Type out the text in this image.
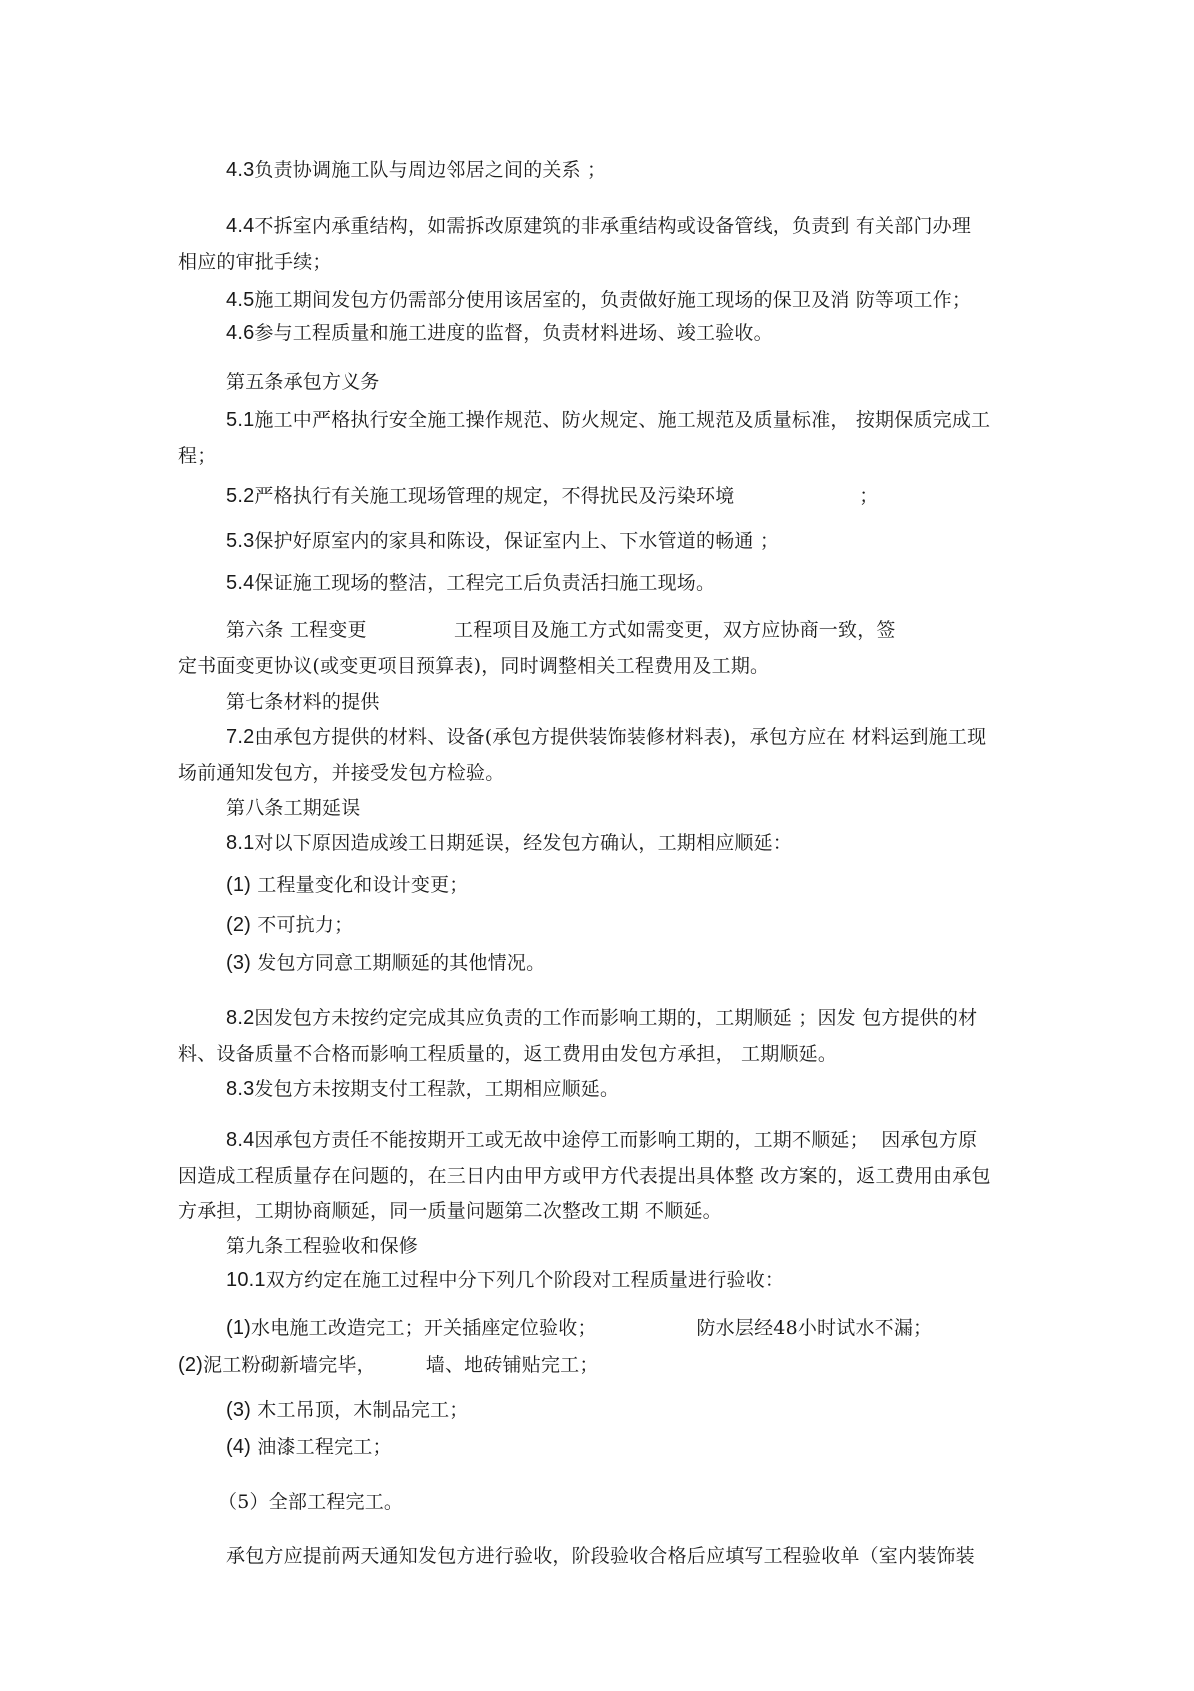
4.3负责协调施工队与周边邻居之间的关系 ；
4.4不拆室内承重结构，如需拆改原建筑的非承重结构或设备管线，负责到 有关部门办理
相应的审批手续；
4.5施工期间发包方仍需部分使用该居室的，负责做好施工现场的保卫及消 防等项工作；
4.6参与工程质量和施工进度的监督，负责材料进场、竣工验收。
第五条承包方义务
5.1施工中严格执行安全施工操作规范、防火规定、施工规范及质量标准， 按期保质完成工
程；
5.2严格执行有关施工现场管理的规定，不得扰民及污染环境                    ；
5.3保护好原室内的家具和陈设，保证室内上、下水管道的畅通 ；
5.4保证施工现场的整洁，工程完工后负责活扫施工现场。
第六条 工程变更              工程项目及施工方式如需变更，双方应协商一致，签
定书面变更协议(或变更项目预算表)，同时调整相关工程费用及工期。
第七条材料的提供
7.2由承包方提供的材料、设备(承包方提供装饰装修材料表)，承包方应在 材料运到施工现
场前通知发包方，并接受发包方检验。
第八条工期延误
8.1对以下原因造成竣工日期延误，经发包方确认，工期相应顺延：
(1) 工程量变化和设计变更；
(2) 不可抗力；
(3) 发包方同意工期顺延的其他情况。
8.2因发包方未按约定完成其应负责的工作而影响工期的，工期顺延 ；因发 包方提供的材
料、设备质量不合格而影响工程质量的，返工费用由发包方承担， 工期顺延。
8.3发包方未按期支付工程款，工期相应顺延。
8.4因承包方责任不能按期开工或无故中途停工而影响工期的，工期不顺延；  因承包方原
因造成工程质量存在问题的，在三日内由甲方或甲方代表提出具体整 改方案的，返工费用由承包
方承担，工期协商顺延，同一质量问题第二次整改工期 不顺延。
第九条工程验收和保修
10.1双方约定在施工过程中分下列几个阶段对工程质量进行验收：
(1)水电施工改造完工；开关插座定位验收；                防水层经48小时试水不漏；
(2)泥工粉砌新墙完毕，        墙、地砖铺贴完工；
(3) 木工吊顶，木制品完工；
(4) 油漆工程完工；
（5）全部工程完工。
承包方应提前两天通知发包方进行验收，阶段验收合格后应填写工程验收单（室内装饰装
